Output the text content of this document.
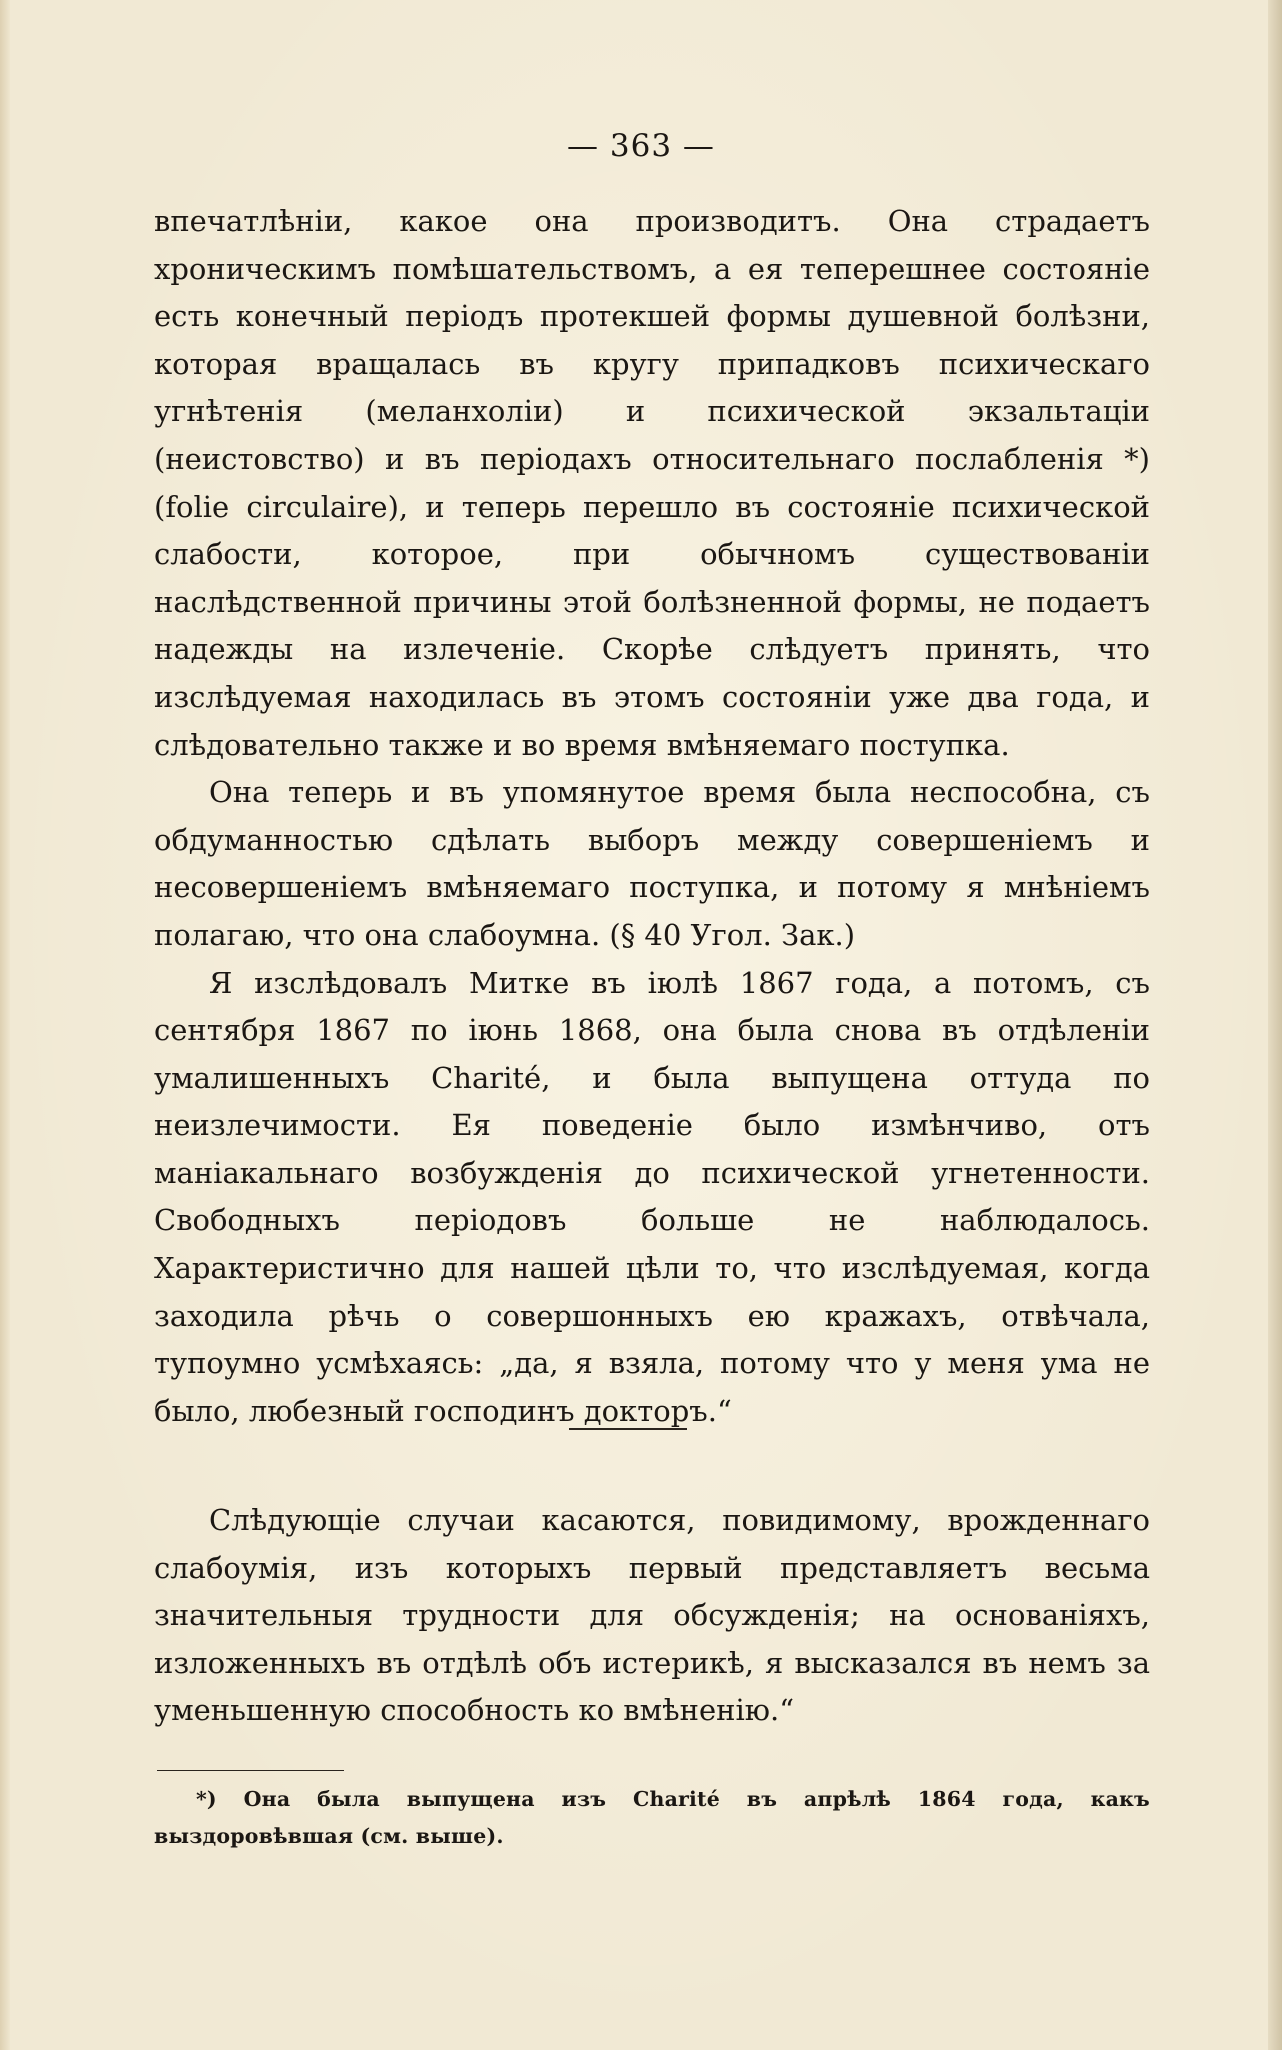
— 363 —

впечатлѣніи, какое она производитъ. Она страдаетъ хроническимъ помѣшательствомъ, а ея теперешнее состояніе есть конечный періодъ протекшей формы душевной болѣзни, которая вращалась въ кругу припадковъ психическаго угнѣтенія (меланхоліи) и психической экзальтаціи (неистовство) и въ періодахъ относительнаго послабленія *) (folie circulaire), и теперь перешло въ состояніе психической слабости, которое, при обычномъ существованіи наслѣдственной причины этой болѣзненной формы, не подаетъ надежды на излеченіе. Скорѣе слѣдуетъ принять, что изслѣдуемая находилась въ этомъ состояніи уже два года, и слѣдовательно также и во время вмѣняемаго поступка.

Она теперь и въ упомянутое время была неспособна, съ обдуманностью сдѣлать выборъ между совершеніемъ и несовершеніемъ вмѣняемаго поступка, и потому я мнѣніемъ полагаю, что она слабоумна. (§ 40 Угол. Зак.)

Я изслѣдовалъ Митке въ іюлѣ 1867 года, а потомъ, съ сентября 1867 по іюнь 1868, она была снова въ отдѣленіи умалишенныхъ Charité, и была выпущена оттуда по неизлечимости. Ея поведеніе было измѣнчиво, отъ маніакальнаго возбужденія до психической угнетенности. Свободныхъ періодовъ больше не наблюдалось. Характеристично для нашей цѣли то, что изслѣдуемая, когда заходила рѣчь о совершонныхъ ею кражахъ, отвѣчала, тупоумно усмѣхаясь: „да, я взяла, потому что у меня ума не было, любезный господинъ докторъ.“

Слѣдующіе случаи касаются, повидимому, врожденнаго слабоумія, изъ которыхъ первый представляетъ весьма значительныя трудности для обсужденія; на основаніяхъ, изложенныхъ въ отдѣлѣ объ истерикѣ, я высказался въ немъ за уменьшенную способность ко вмѣненію.“

*) Она была выпущена изъ Charité въ апрѣлѣ 1864 года, какъ выздоровѣвшая (см. выше).
